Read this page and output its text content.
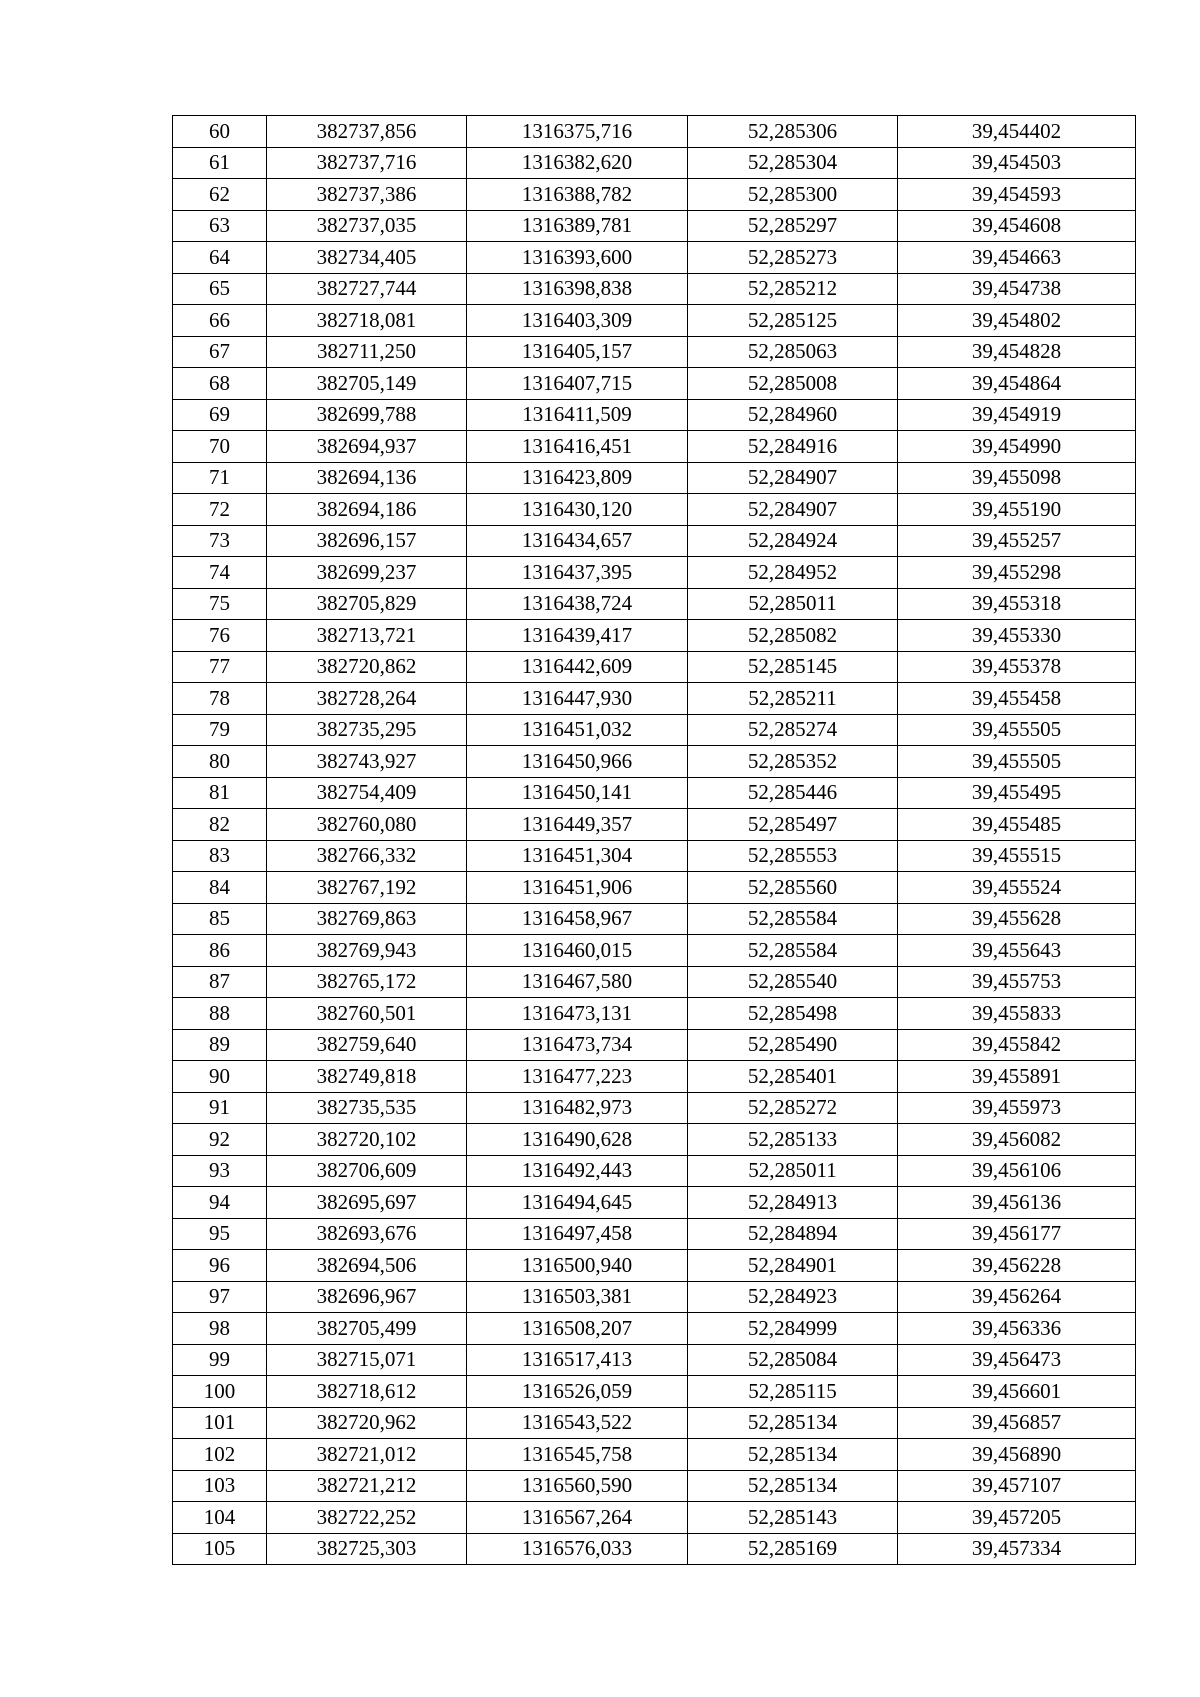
60	382737,856	1316375,716	52,285306	39,454402
61	382737,716	1316382,620	52,285304	39,454503
62	382737,386	1316388,782	52,285300	39,454593
63	382737,035	1316389,781	52,285297	39,454608
64	382734,405	1316393,600	52,285273	39,454663
65	382727,744	1316398,838	52,285212	39,454738
66	382718,081	1316403,309	52,285125	39,454802
67	382711,250	1316405,157	52,285063	39,454828
68	382705,149	1316407,715	52,285008	39,454864
69	382699,788	1316411,509	52,284960	39,454919
70	382694,937	1316416,451	52,284916	39,454990
71	382694,136	1316423,809	52,284907	39,455098
72	382694,186	1316430,120	52,284907	39,455190
73	382696,157	1316434,657	52,284924	39,455257
74	382699,237	1316437,395	52,284952	39,455298
75	382705,829	1316438,724	52,285011	39,455318
76	382713,721	1316439,417	52,285082	39,455330
77	382720,862	1316442,609	52,285145	39,455378
78	382728,264	1316447,930	52,285211	39,455458
79	382735,295	1316451,032	52,285274	39,455505
80	382743,927	1316450,966	52,285352	39,455505
81	382754,409	1316450,141	52,285446	39,455495
82	382760,080	1316449,357	52,285497	39,455485
83	382766,332	1316451,304	52,285553	39,455515
84	382767,192	1316451,906	52,285560	39,455524
85	382769,863	1316458,967	52,285584	39,455628
86	382769,943	1316460,015	52,285584	39,455643
87	382765,172	1316467,580	52,285540	39,455753
88	382760,501	1316473,131	52,285498	39,455833
89	382759,640	1316473,734	52,285490	39,455842
90	382749,818	1316477,223	52,285401	39,455891
91	382735,535	1316482,973	52,285272	39,455973
92	382720,102	1316490,628	52,285133	39,456082
93	382706,609	1316492,443	52,285011	39,456106
94	382695,697	1316494,645	52,284913	39,456136
95	382693,676	1316497,458	52,284894	39,456177
96	382694,506	1316500,940	52,284901	39,456228
97	382696,967	1316503,381	52,284923	39,456264
98	382705,499	1316508,207	52,284999	39,456336
99	382715,071	1316517,413	52,285084	39,456473
100	382718,612	1316526,059	52,285115	39,456601
101	382720,962	1316543,522	52,285134	39,456857
102	382721,012	1316545,758	52,285134	39,456890
103	382721,212	1316560,590	52,285134	39,457107
104	382722,252	1316567,264	52,285143	39,457205
105	382725,303	1316576,033	52,285169	39,457334
